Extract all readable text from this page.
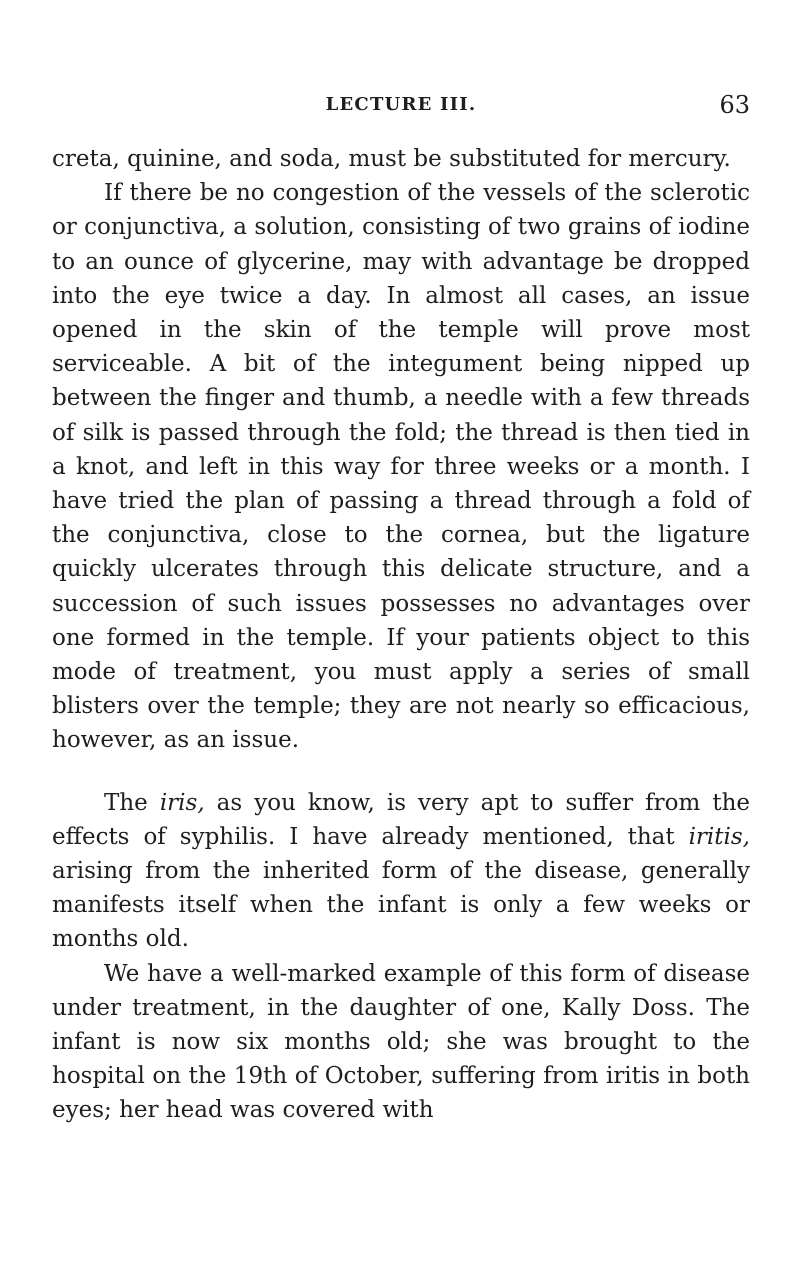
LECTURE III.	63

creta, quinine, and soda, must be substituted for mercury.

If there be no congestion of the vessels of the sclerotic or conjunctiva, a solution, consisting of two grains of iodine to an ounce of glycerine, may with advantage be dropped into the eye twice a day. In almost all cases, an issue opened in the skin of the temple will prove most serviceable. A bit of the integument being nipped up between the finger and thumb, a needle with a few threads of silk is passed through the fold; the thread is then tied in a knot, and left in this way for three weeks or a month. I have tried the plan of passing a thread through a fold of the conjunctiva, close to the cornea, but the ligature quickly ulcerates through this delicate structure, and a succession of such issues possesses no advantages over one formed in the temple. If your patients object to this mode of treatment, you must apply a series of small blisters over the temple; they are not nearly so efficacious, however, as an issue.

The iris, as you know, is very apt to suffer from the effects of syphilis. I have already mentioned, that iritis, arising from the inherited form of the disease, generally manifests itself when the infant is only a few weeks or months old.

We have a well-marked example of this form of disease under treatment, in the daughter of one, Kally Doss. The infant is now six months old; she was brought to the hospital on the 19th of October, suffering from iritis in both eyes; her head was covered with
